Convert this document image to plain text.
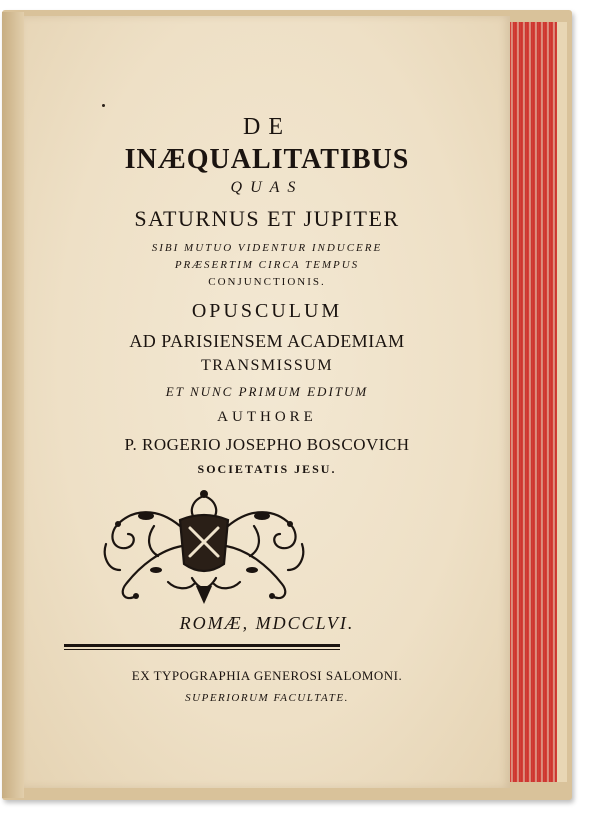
DE
INÆQUALITATIBUS
QUAS
SATURNUS ET JUPITER
SIBI MUTUO VIDENTUR INDUCERE
PRÆSERTIM CIRCA TEMPUS
CONJUNCTIONIS.
OPUSCULUM
AD PARISIENSEM ACADEMIAM
TRANSMISSUM
ET NUNC PRIMUM EDITUM
AUTHORE
P. ROGERIO JOSEPHO BOSCOVICH
SOCIETATIS JESU.
ROMÆ, MDCCLVI.
EX TYPOGRAPHIA GENEROSI SALOMONI.
SUPERIORUM FACULTATE.
